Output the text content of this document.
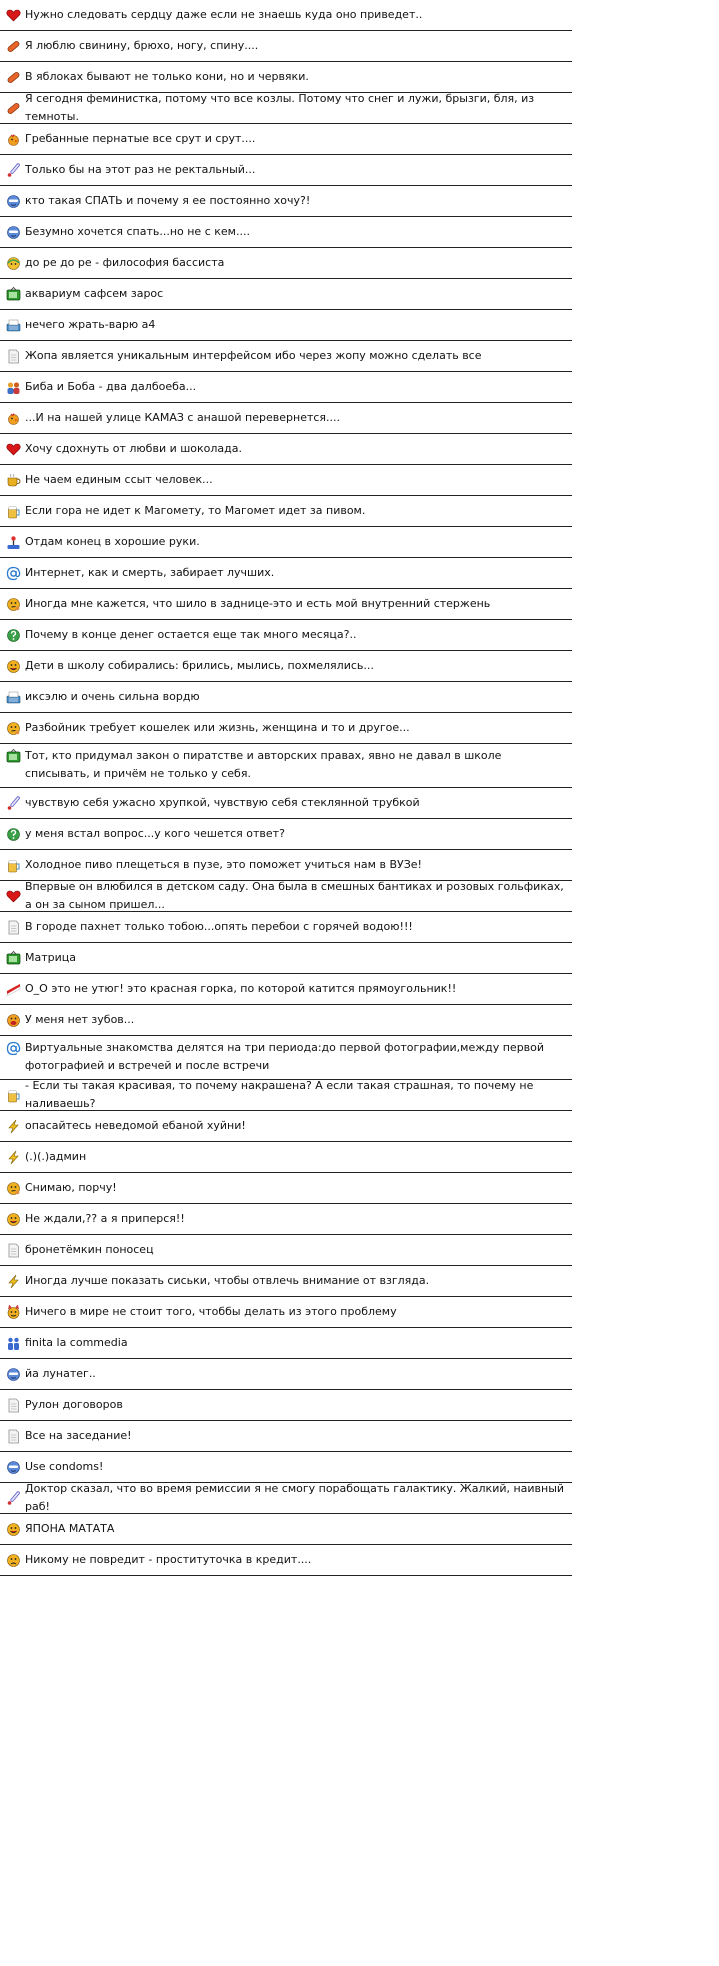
Нужно следовать сердцу даже если не знаешь куда оно приведет..
Я люблю свинину, брюхо, ногу, спину....
В яблоках бывают не только кони, но и червяки.
Я сегодня феминистка, потому что все козлы. Потому что снег и лужи, брызги, бля, из темноты.
Гребанные пернатые все срут и срут....
Только бы на этот раз не ректальный...
кто такая СПАТЬ и почему я ее постоянно хочу?!
Безумно хочется спать...но не с кем....
до ре до ре - философия бассиста
аквариум сафсем зарос
нечего жрать-варю а4
Жопа является уникальным интерфейсом ибо через жопу можно сделать все
Биба и Боба - два далбоеба...
...И на нашей улице КАМАЗ с анашой перевернется....
Хочу сдохнуть от любви и шоколада.
Не чаем единым ссыт человек...
Если гора не идет к Магомету, то Магомет идет за пивом.
Отдам конец в хорошие руки.
Интернет, как и смерть, забирает лучших.
Иногда мне кажется, что шило в заднице-это и есть мой внутренний стержень
Почему в конце денег остается еще так много месяца?..
Дети в школу собирались: брились, мылись, похмелялись...
иксэлю и очень сильна вордю
Разбойник требует кошелек или жизнь, женщина и то и другое...
Тот, кто придумал закон о пиратстве и авторских правах, явно не давал в школе списывать, и причём не только у себя.
чувствую себя ужасно хрупкой, чувствую себя стеклянной трубкой
у меня встал вопрос...у кого чешется ответ?
Холодное пиво плещеться в пузе, это поможет учиться нам в ВУЗе!
Впервые он влюбился в детском саду. Она была в смешных бантиках и розовых гольфиках, а он за сыном пришел...
В городе пахнет только тобою...опять перебои с горячей водою!!!
Матрица
О_О это не утюг! это красная горка, по которой катится прямоугольник!!
У меня нет зубов...
Виртуальные знакомства делятся на три периода:до первой фотографии,между первой фотографией и встречей и после встречи
- Если ты такая красивая, то почему накрашена? А если такая страшная, то почему не наливаешь?
опасайтесь неведомой ебаной хуйни!
(.)(.)админ
Снимаю, порчу!
Не ждали,?? а я приперся!!
бронетёмкин поносец
Иногда лучше показать сиськи, чтобы отвлечь внимание от взгляда.
Ничего в мире не стоит того, чтоббы делать из этого проблему
finita la commedia
йа лунатег..
Рулон договоров
Все на заседание!
Use condoms!
Доктор сказал, что во время ремиссии я не смогу порабощать галактику. Жалкий, наивный раб!
ЯПОНА МАТАТА
Никому не повредит - проституточка в кредит....
